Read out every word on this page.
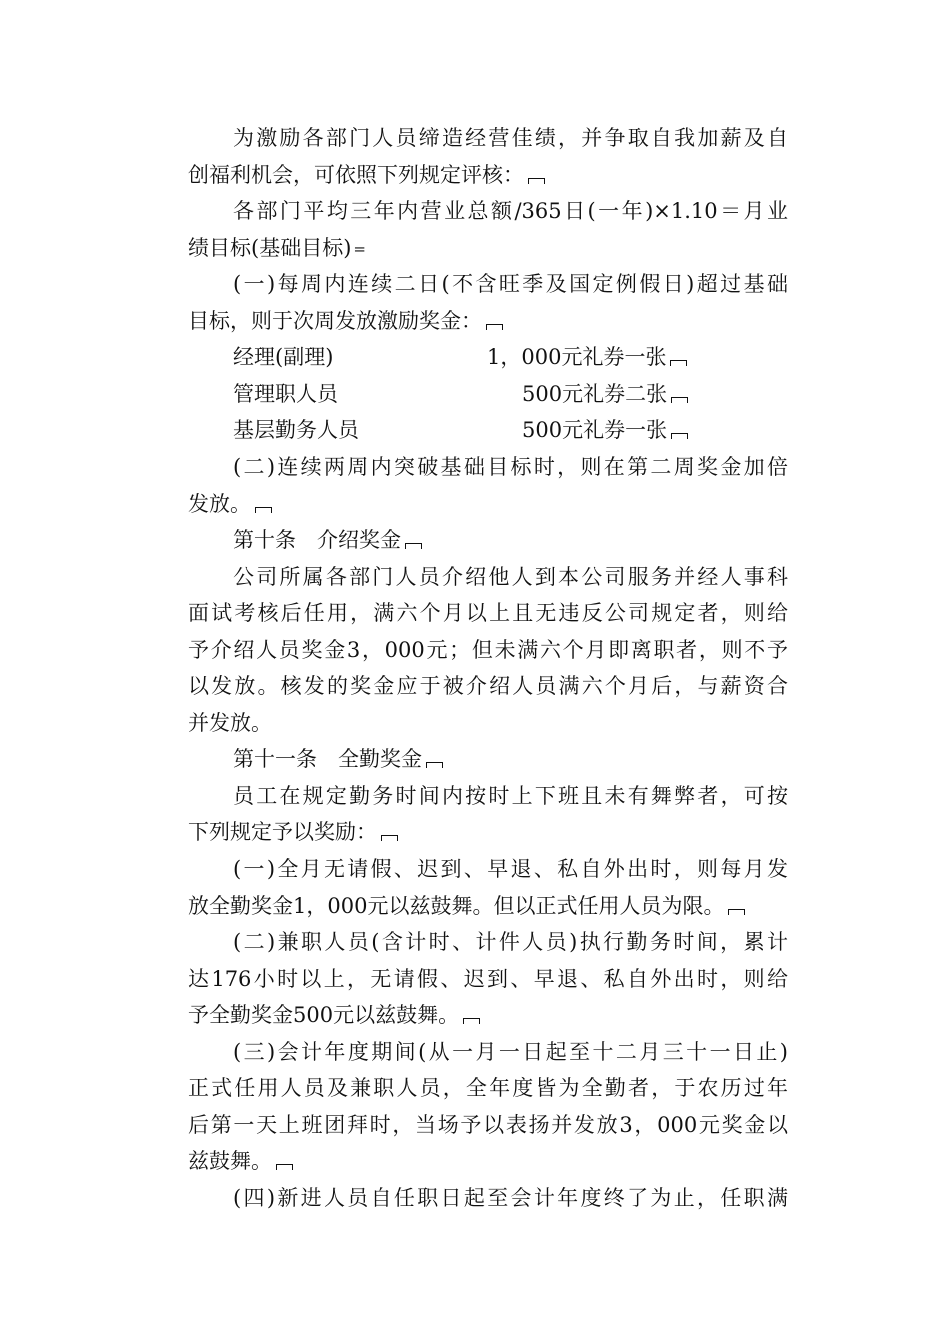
为激励各部门人员缔造经营佳绩，并争取自我加薪及自
创福利机会，可依照下列规定评核：
各部门平均三年内营业总额/365日(一年)×1.10＝月业
绩目标(基础目标) =
(一)每周内连续二日(不含旺季及国定例假日)超过基础
目标，则于次周发放激励奖金：
经理(副理)	1，000元礼券一张
管理职人员	500元礼券二张
基层勤务人员	500元礼券一张
(二)连续两周内突破基础目标时，则在第二周奖金加倍
发放。
第十条　介绍奖金
公司所属各部门人员介绍他人到本公司服务并经人事科
面试考核后任用，满六个月以上且无违反公司规定者，则给
予介绍人员奖金3，000元；但未满六个月即离职者，则不予
以发放。核发的奖金应于被介绍人员满六个月后，与薪资合
并发放。
第十一条　全勤奖金
员工在规定勤务时间内按时上下班且未有舞弊者，可按
下列规定予以奖励：
(一)全月无请假、迟到、早退、私自外出时，则每月发
放全勤奖金1，000元以兹鼓舞。但以正式任用人员为限。
(二)兼职人员(含计时、计件人员)执行勤务时间，累计
达176小时以上，无请假、迟到、早退、私自外出时，则给
予全勤奖金500元以兹鼓舞。
(三)会计年度期间(从一月一日起至十二月三十一日止)
正式任用人员及兼职人员，全年度皆为全勤者，于农历过年
后第一天上班团拜时，当场予以表扬并发放3，000元奖金以
兹鼓舞。
(四)新进人员自任职日起至会计年度终了为止，任职满
